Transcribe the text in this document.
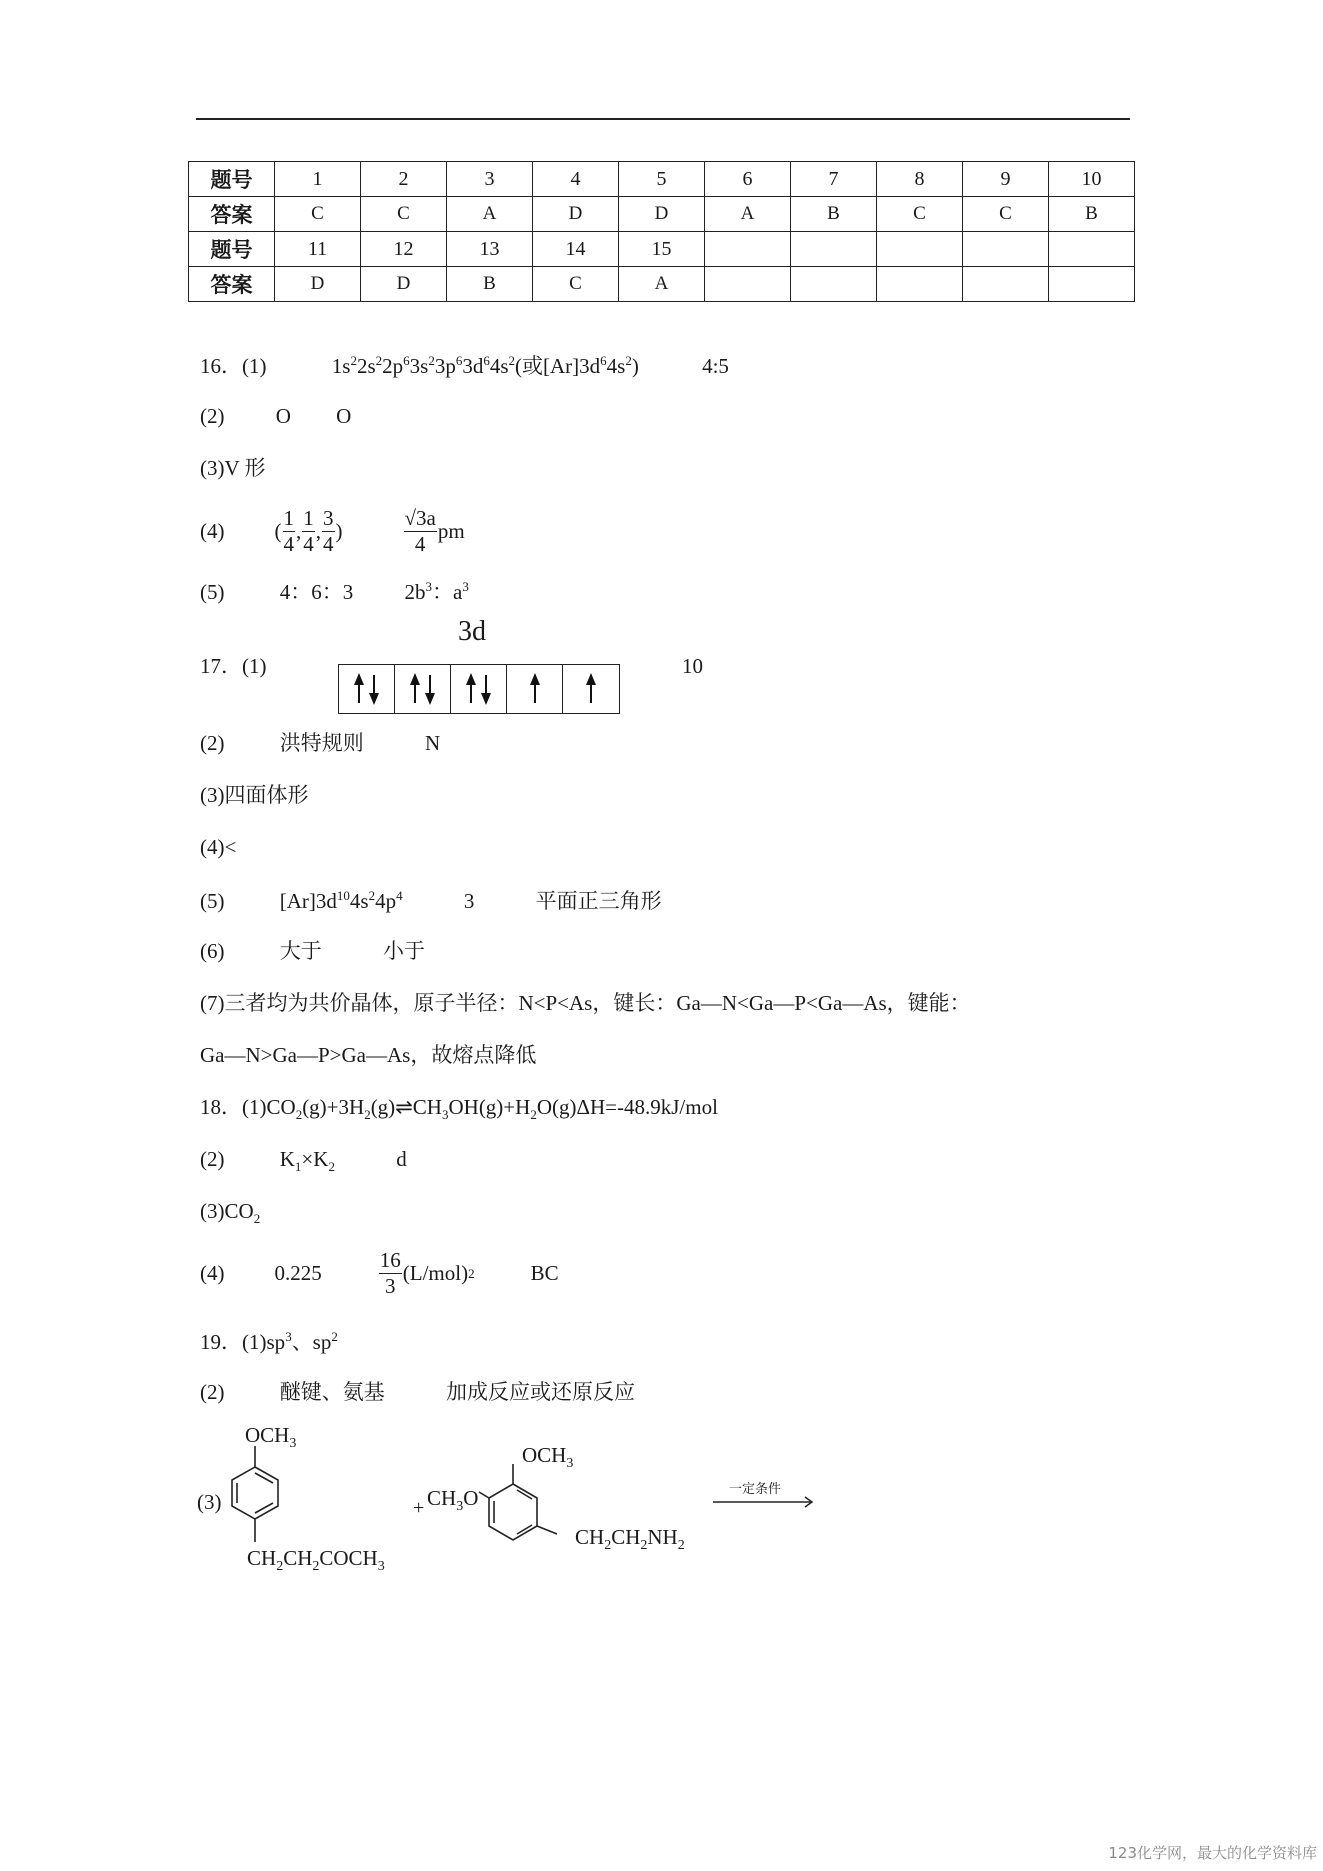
题号	1	2	3	4	5	6	7	8	9	10
答案	C	C	A	D	D	A	B	C	C	B
题号	11	12	13	14	15					
答案	D	D	B	C	A					
16．(1)	$1s^22s^22p^63s^23p^63d^64s^2$(或$[Ar]3d^64s^2$)	4:5
(2) O O
(3)V 形
(4) ( $\frac{1}{4}$ , $\frac{1}{4}$ , $\frac{3}{4}$ )	$\frac{√3a}{4}$ pm
(5)	4：6：3 $2b^3$：$a^3$
3d
17．(1)	10
(2)	洪特规则	N
(3)四面体形
(4)<
(5)	$[Ar]3d^{10}4s^24p^4$	3	平面正三角形
(6)	大于	小于
(7)三者均为共价晶体，原子半径：N<P<As，键长：Ga—N<Ga—P<Ga—As，键能：
Ga—N>Ga—P>Ga—As，故熔点降低
18．$(1)CO_2(g)+3H_2(g)\rightleftharpoons CH_3OH(g)+H_2O(g)\Delta H=-48.9kJ$/mol
(2)	$K_1\times K_2$	d
$(3)CO_2$
(4) 0.225	$\frac{16}{3} (L/mol)$ 2	BC
19．$(1)sp^3$、$sp^2$
(2)	醚键、氨基	加成反应或还原反应
(3)
$OCH_3$
$CH_2CH_2COCH_3$
+ $CH_3O$
$OCH_3$
$CH_2CH_2NH_2$
一定条件
123化学网，最大的化学资料库
